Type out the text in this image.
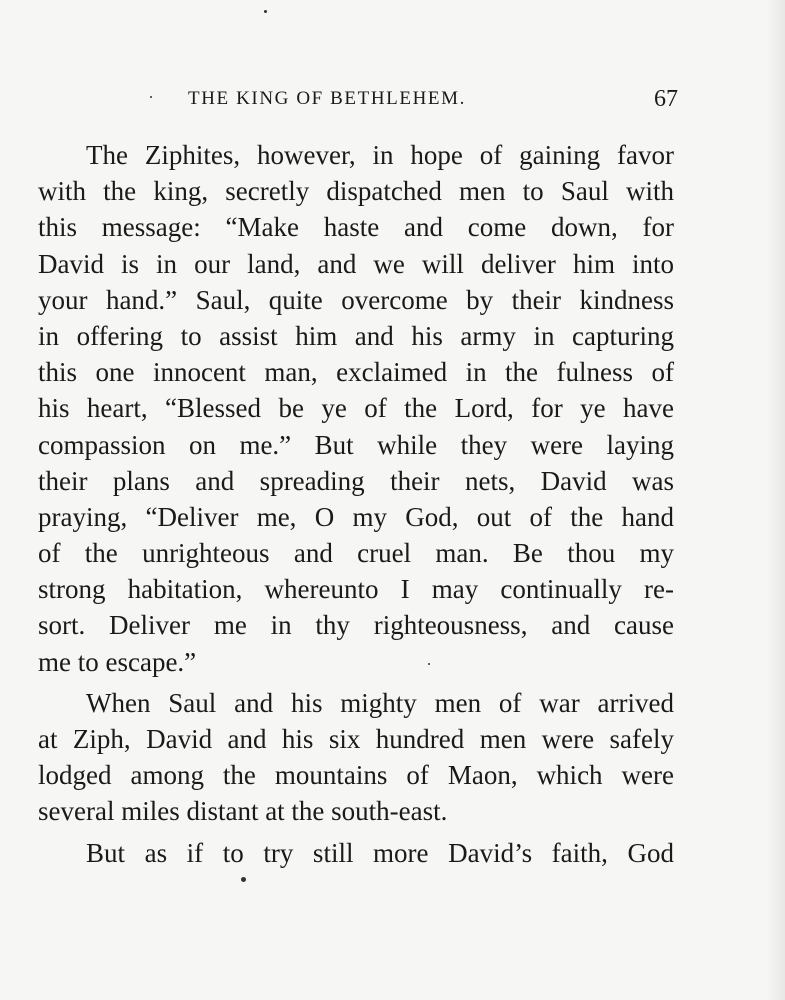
THE KING OF BETHLEHEM.	67
The Ziphites, however, in hope of gaining favor
with the king, secretly dispatched men to Saul with
this message: “Make haste and come down, for
David is in our land, and we will deliver him into
your hand.” Saul, quite overcome by their kindness
in offering to assist him and his army in capturing
this one innocent man, exclaimed in the fulness of
his heart, “Blessed be ye of the Lord, for ye have
compassion on me.” But while they were laying
their plans and spreading their nets, David was
praying, “Deliver me, O my God, out of the hand
of the unrighteous and cruel man. Be thou my
strong habitation, whereunto I may continually re-
sort. Deliver me in thy righteousness, and cause
me to escape.”
When Saul and his mighty men of war arrived
at Ziph, David and his six hundred men were safely
lodged among the mountains of Maon, which were
several miles distant at the south-east.
But as if to try still more David’s faith, God
